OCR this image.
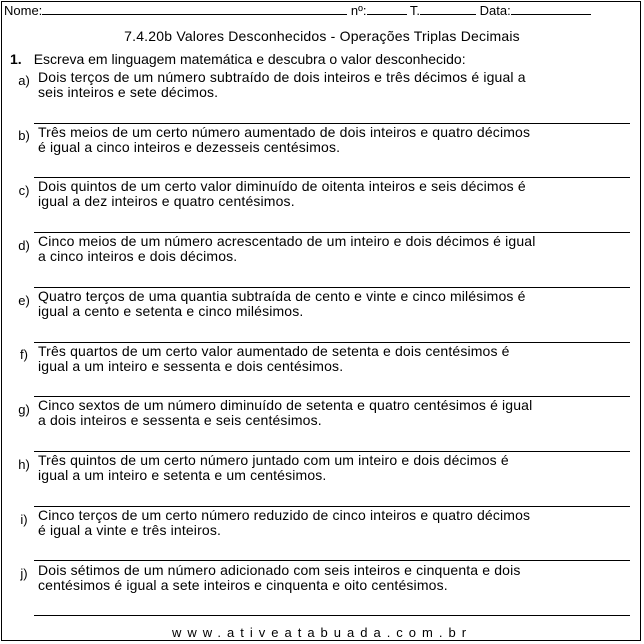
Nome:	nº:	T.	Data:
7.4.20b Valores Desconhecidos - Operações Triplas Decimais
1. Escreva em linguagem matemática e descubra o valor desconhecido:
a) Dois terços de um número subtraído de dois inteiros e três décimos é igual a
seis inteiros e sete décimos.
b) Três meios de um certo número aumentado de dois inteiros e quatro décimos
é igual a cinco inteiros e dezesseis centésimos.
c) Dois quintos de um certo valor diminuído de oitenta inteiros e seis décimos é
igual a dez inteiros e quatro centésimos.
d) Cinco meios de um número acrescentado de um inteiro e dois décimos é igual
a cinco inteiros e dois décimos.
e) Quatro terços de uma quantia subtraída de cento e vinte e cinco milésimos é
igual a cento e setenta e cinco milésimos.
f) Três quartos de um certo valor aumentado de setenta e dois centésimos é
igual a um inteiro e sessenta e dois centésimos.
g) Cinco sextos de um número diminuído de setenta e quatro centésimos é igual
a dois inteiros e sessenta e seis centésimos.
h) Três quintos de um certo número juntado com um inteiro e dois décimos é
igual a um inteiro e setenta e um centésimos.
i) Cinco terços de um certo número reduzido de cinco inteiros e quatro décimos
é igual a vinte e três inteiros.
j) Dois sétimos de um número adicionado com seis inteiros e cinquenta e dois
centésimos é igual a sete inteiros e cinquenta e oito centésimos.
www.ativeatabuada.com.br
